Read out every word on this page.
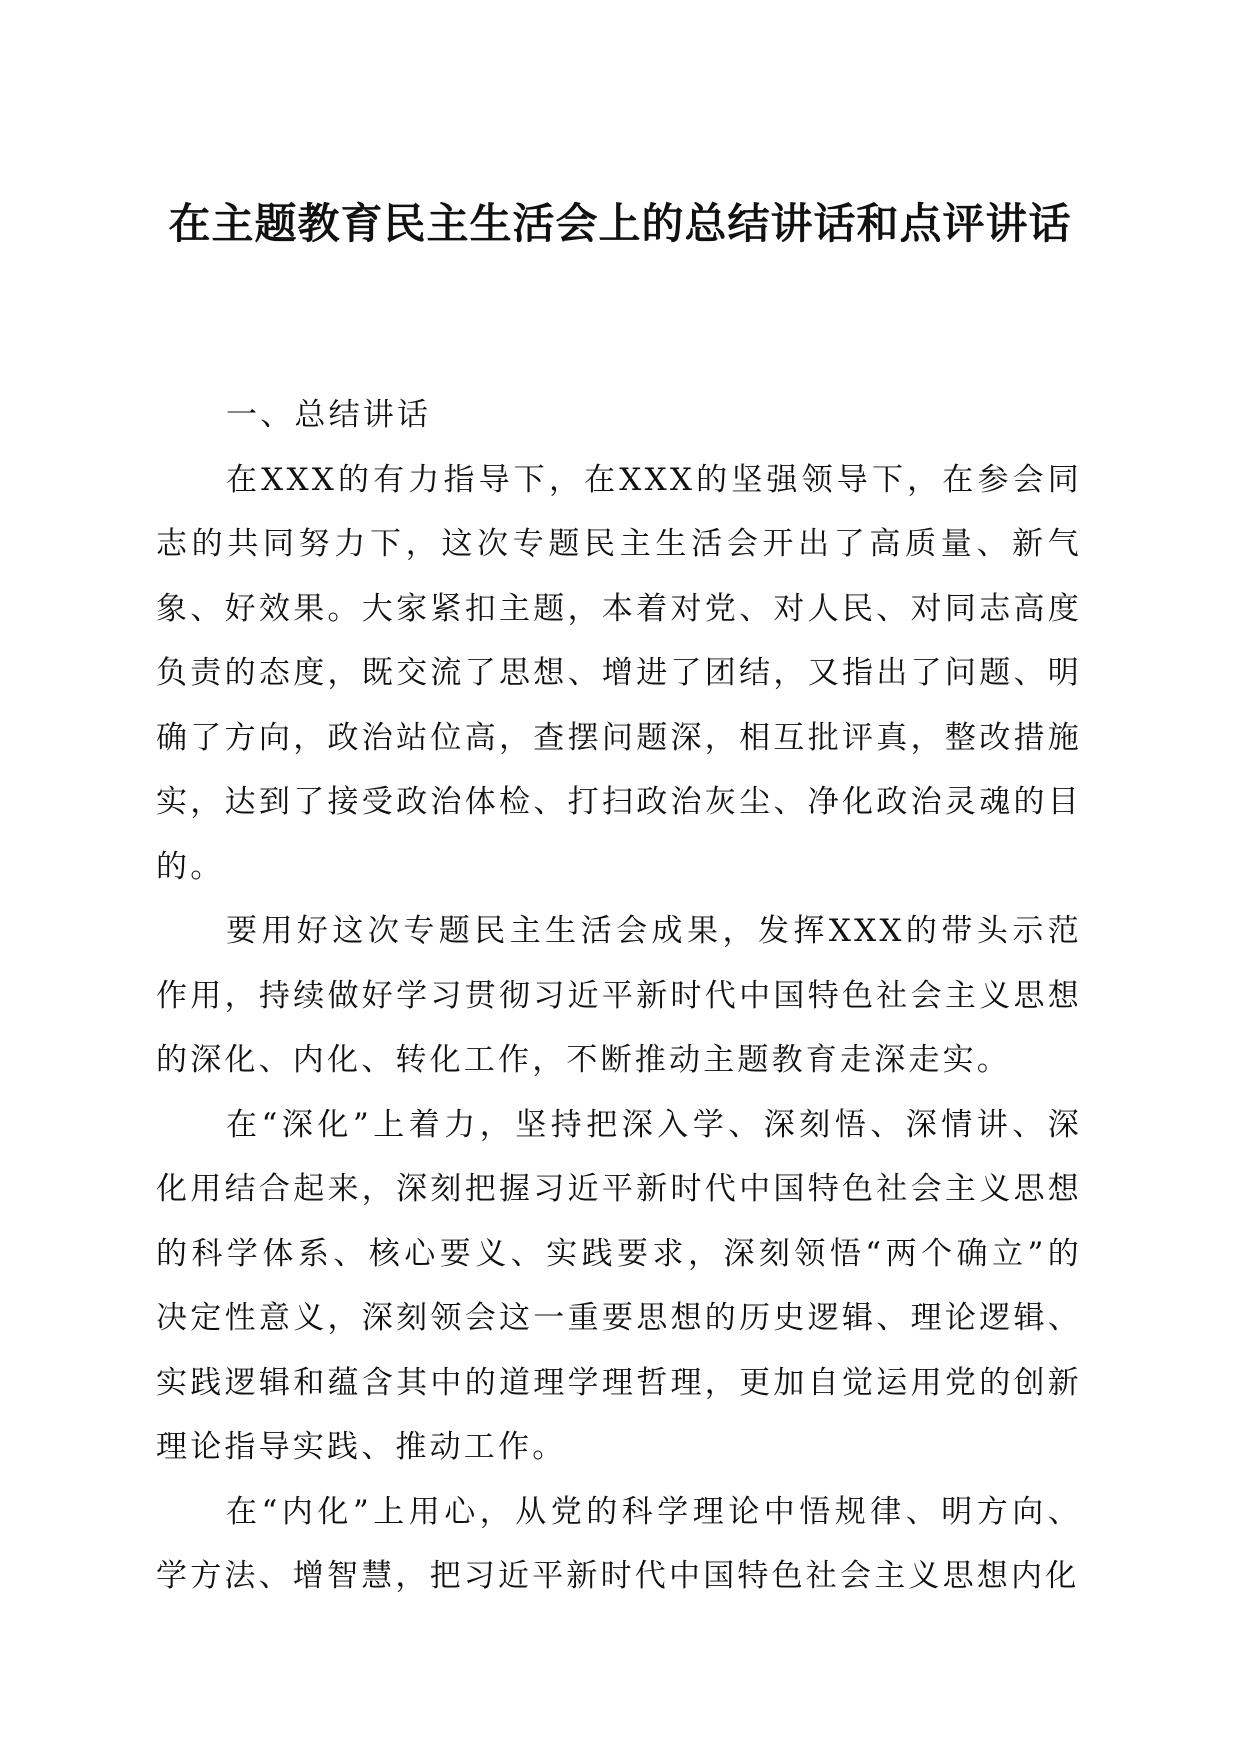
在主题教育民主生活会上的总结讲话和点评讲话

一、总结讲话

在XXX的有力指导下，在XXX的坚强领导下，在参会同志的共同努力下，这次专题民主生活会开出了高质量、新气象、好效果。大家紧扣主题，本着对党、对人民、对同志高度负责的态度，既交流了思想、增进了团结，又指出了问题、明确了方向，政治站位高，查摆问题深，相互批评真，整改措施实，达到了接受政治体检、打扫政治灰尘、净化政治灵魂的目的。

要用好这次专题民主生活会成果，发挥XXX的带头示范作用，持续做好学习贯彻习近平新时代中国特色社会主义思想的深化、内化、转化工作，不断推动主题教育走深走实。

在“深化”上着力，坚持把深入学、深刻悟、深情讲、深化用结合起来，深刻把握习近平新时代中国特色社会主义思想的科学体系、核心要义、实践要求，深刻领悟“两个确立”的决定性意义，深刻领会这一重要思想的历史逻辑、理论逻辑、实践逻辑和蕴含其中的道理学理哲理，更加自觉运用党的创新理论指导实践、推动工作。

在“内化”上用心，从党的科学理论中悟规律、明方向、学方法、增智慧，把习近平新时代中国特色社会主义思想内化
